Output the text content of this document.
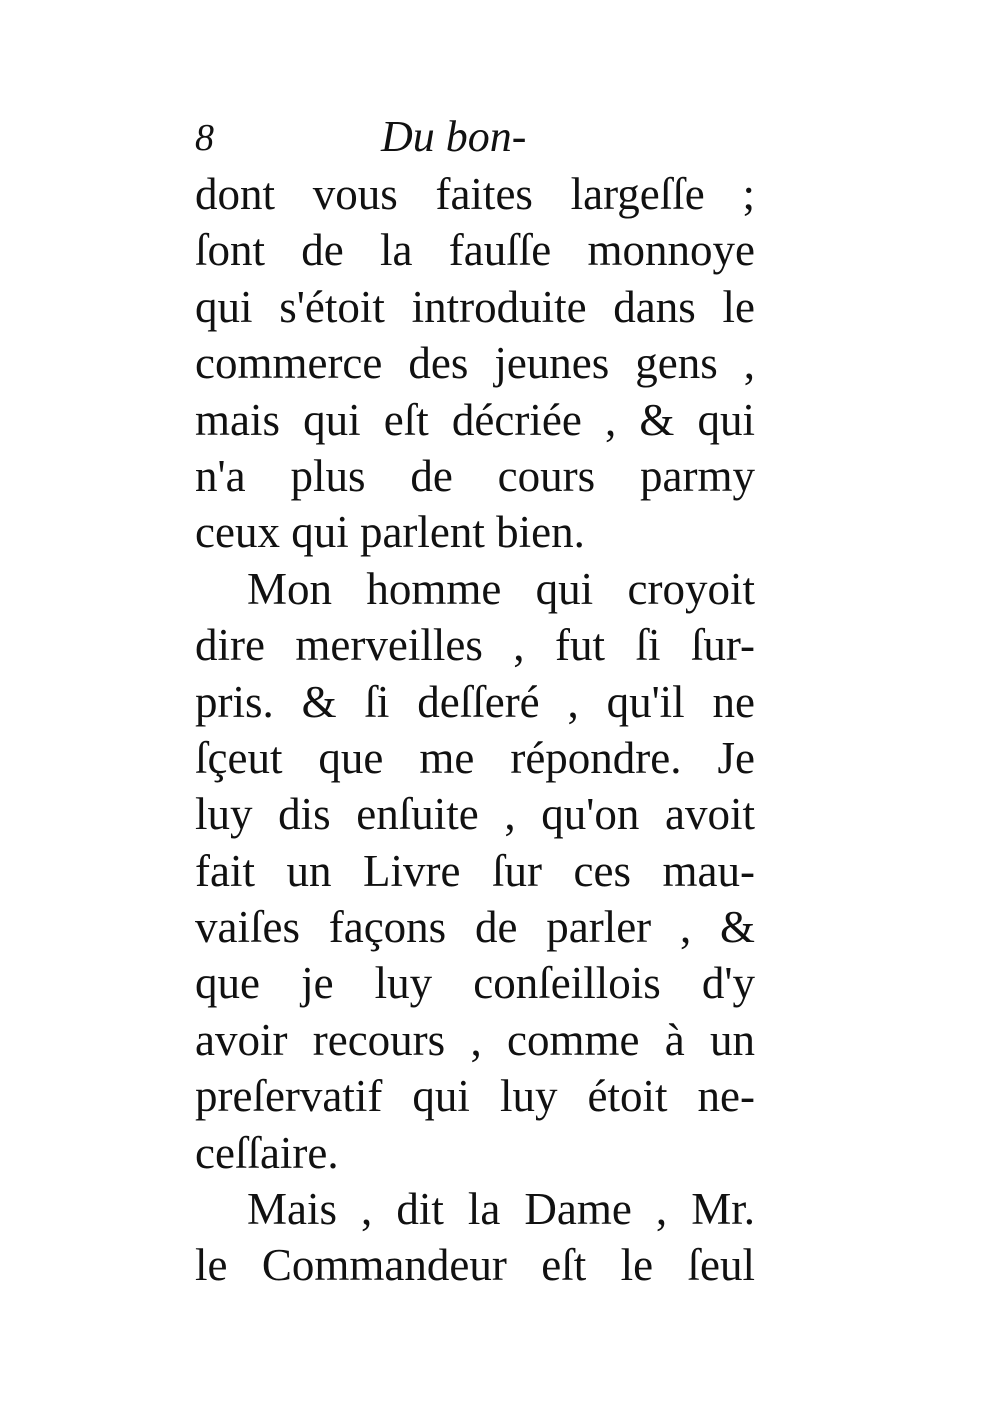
8	Du bon-
dont vous faites largeſſe ;
ſont de la fauſſe monnoye
qui s'étoit introduite dans le
commerce des jeunes gens ,
mais qui eſt décriée , & qui
n'a plus de cours parmy
ceux qui parlent bien.
Mon homme qui croyoit
dire merveilles , fut ſi ſur-
pris. & ſi deſſeré , qu'il ne
ſçeut que me répondre. Je
luy dis enſuite , qu'on avoit
fait un Livre ſur ces mau-
vaiſes façons de parler , &
que je luy conſeillois d'y
avoir recours , comme à un
preſervatif qui luy étoit ne-
ceſſaire.
Mais , dit la Dame , Mr.
le Commandeur eſt le ſeul
